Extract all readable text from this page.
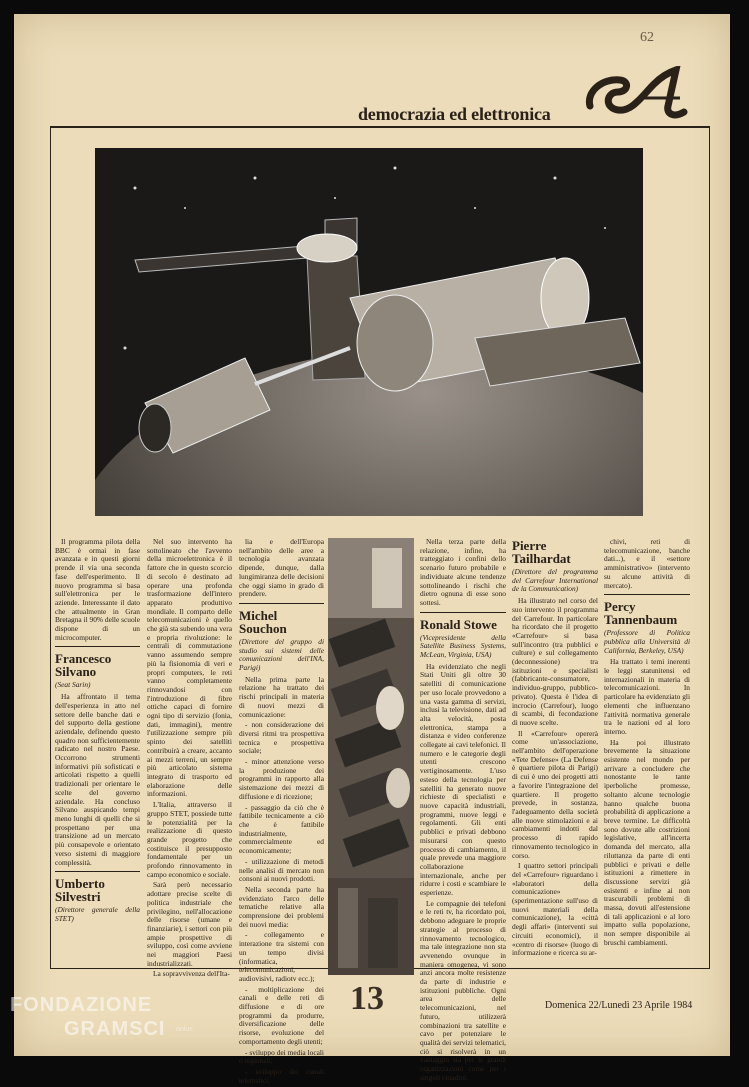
62
democrazia ed elettronica
A

Il programma pilota della BBC è ormai in fase avanzata e in questi giorni prende il via una seconda fase dell'esperimento. Il nuovo programma si basa sull'elettronica per le aziende. Interessante il dato che attualmente in Gran Bretagna il 90% delle scuole dispone di un microcomputer.

Francesco Silvano

(Seat Sarin)

Ha affrontato il tema dell'esperienza in atto nel settore delle banche dati e del supporto della gestione aziendale, definendo questo quadro non sufficientemente radicato nel nostro Paese. Occorrono strumenti informativi più sofisticati e articolati rispetto a quelli tradizionali per orientare le scelte del governo aziendale. Ha concluso Silvano auspicando tempi meno lunghi di quelli che si prospettano per una transizione ad un mercato più consapevole e orientato verso sistemi di maggiore complessità.

Umberto Silvestri

(Direttore generale della STET)

Nel suo intervento ha sottolineato che l'avvento della microelettronica è il fattore che in questo scorcio di secolo è destinato ad operare una profonda trasformazione dell'intero apparato produttivo mondiale. Il comparto delle telecomunicazioni è quello che già sta subendo una vera e propria rivoluzione: le centrali di commutazione vanno assumendo sempre più la fisionomia di veri e propri computers, le reti vanno completamente rinnovandosi con l'introduzione di fibre ottiche capaci di fornire ogni tipo di servizio (fonia, dati, immagini), mentre l'utilizzazione sempre più spinto dei satelliti contribuirà a creare, accanto ai mezzi terreni, un sempre più articolato sistema integrato di trasporto ed elaborazione delle informazioni.

L'Italia, attraverso il gruppo STET, possiede tutte le potenzialità per la realizzazione di questo grande progetto che costituisce il presupposto fondamentale per un profondo rinnovamento in campo economico e sociale.

Sarà però necessario adottare precise scelte di politica industriale che privilegino, nell'allocazione delle risorse (umane e finanziarie), i settori con più ampie prospettive di sviluppo, così come avviene nei maggiori Paesi industrializzati.

La sopravvivenza dell'Ita-

lia e dell'Europa nell'ambito delle aree a tecnologia avanzata dipende, dunque, dalla lungimiranza delle decisioni che oggi siamo in grado di prendere.

Michel Souchon

(Direttore del gruppo di studio sui sistemi delle comunicazioni dell'INA, Parigi)

Nella prima parte la relazione ha trattato dei rischi principali in materia di nuovi mezzi di comunicazione:

- non considerazione dei diversi ritmi tra prospettiva tecnica e prospettiva sociale;

- minor attenzione verso la produzione dei programmi in rapporto alla sistemazione dei mezzi di diffusione e di ricezione;

- passaggio da ciò che è fattibile tecnicamente a ciò che è fattibile industrialmente, commercialmente ed economicamente;

- utilizzazione di metodi nelle analisi di mercato non consoni ai nuovi prodotti.

Nella seconda parte ha evidenziato l'arco delle tematiche relative alla comprensione dei problemi dei nuovi media:

- collegamento e interazione tra sistemi con un tempo divisi (informatica, telecomunicazioni, audiovisivi, radiotv ecc.);

- moltiplicazione dei canali e delle reti di diffusione e di ore programmi da produrre, diversificazione delle risorse, evoluzione del comportamento degli utenti;

- sviluppo dei media locali o regionali;

- sviluppo dei canali telematici.

Nella terza parte della relazione, infine, ha tratteggiato i confini dello scenario futuro probabile e individuate alcune tendenze sottolineando i rischi che dietro ognuna di esse sono sottesi.

Ronald Stowe

(Vicepresidente della Satellite Business Systems, McLean, Virginia, USA)

Ha evidenziato che negli Stati Uniti gli oltre 30 satelliti di comunicazione per uso locale provvedono a una vasta gamma di servizi, inclusi la televisione, dati ad alta velocità, posta elettronica, stampa a distanza e video conferenze collegate ai cavi telefonici. Il numero e le categorie degli utenti crescono vertiginosamente. L'uso esteso della tecnologia per satelliti ha generato nuove richieste di specialisti e nuove capacità industriali, programmi, nuove leggi e regolamenti. Gli enti pubblici e privati debbono misurarsi con questo processo di cambiamento, il quale prevede una maggiore collaborazione internazionale, anche per ridurre i costi e scambiare le esperienze.

Le compagnie dei telefoni e le reti tv, ha ricordato poi, debbono adeguare le proprie strategie al processo di rinnovamento tecnologico, ma tale integrazione non sta avvenendo ovunque in maniera omogenea, vi sono anzi ancora molte resistenze da parte di industrie e istituzioni pubbliche. Ogni area delle telecomunicazioni, nel futuro, utilizzerà combinazioni tra satellite e cavo per potenziare le qualità dei servizi telematici, ciò si risolverà in un vantaggio sia per le grandi organizzazioni come per i singoli cittadini.

Pierre Tailhardat

(Direttore del programma del Carrefour International de la Communication)

Ha illustrato nel corso del suo intervento il programma del Carrefour. In particolare ha ricordato che il progetto «Carrefour» si basa sull'incontro (tra pubblici e culture) e sul collegamento (deconnessione) tra istituzioni e specialisti (fabbricante-consumatore, individuo-gruppo, pubblico-privato). Questa è l'idea di incrocio (Carrefour), luogo di scambi, di fecondazione di nuove scelte.

Il «Carrefour» opererà come un'associazione, nell'ambito dell'operazione «Tete Defense» (La Defense è quartiere pilota di Parigi) di cui è uno dei progetti atti a favorire l'integrazione del quartiere. Il progetto prevede, in sostanza, l'adeguamento della società alle nuove stimolazioni e ai cambiamenti indotti dal processo di rapido rinnovamento tecnologico in corso.

I quattro settori principali del «Carrefour» riguardano i «laboratori della comunicazione» (sperimentazione sull'uso di nuovi materiali della comunicazione), la «città degli affari» (interventi sui circuiti economici), il «centro di risorse» (luogo di informazione e ricerca su ar-

chivi, reti di telecomunicazione, banche dati...), e il «settore amministrativo» (intervento su alcune attività di mercato).

Percy Tannenbaum

(Professore di Politica pubblica alla Università di California, Berkeley, USA)

Ha trattato i temi inerenti le leggi statunitensi ed internazionali in materia di telecomunicazioni. In particolare ha evidenziato gli elementi che influenzano l'attività normativa generale tra le nazioni ed al loro interno.

Ha poi illustrato brevemente la situazione esistente nel mondo per arrivare a concludere che nonostante le tante iperboliche promesse, soltanto alcune tecnologie hanno qualche buona probabilità di applicazione a breve termine. Le difficoltà sono dovute alle costrizioni legislative, all'incerta domanda del mercato, alla riluttanza da parte di enti pubblici e privati e delle istituzioni a rimettere in discussione servizi già esistenti e infine ai non trascurabili problemi di massa, dovuti all'estensione di tali applicazioni e al loro impatto sulla popolazione, non sempre disponibile ai bruschi cambiamenti.

13	Domenica 22/Lunedì 23 Aprile 1984
FONDAZIONE
GRAMSCI onlus
